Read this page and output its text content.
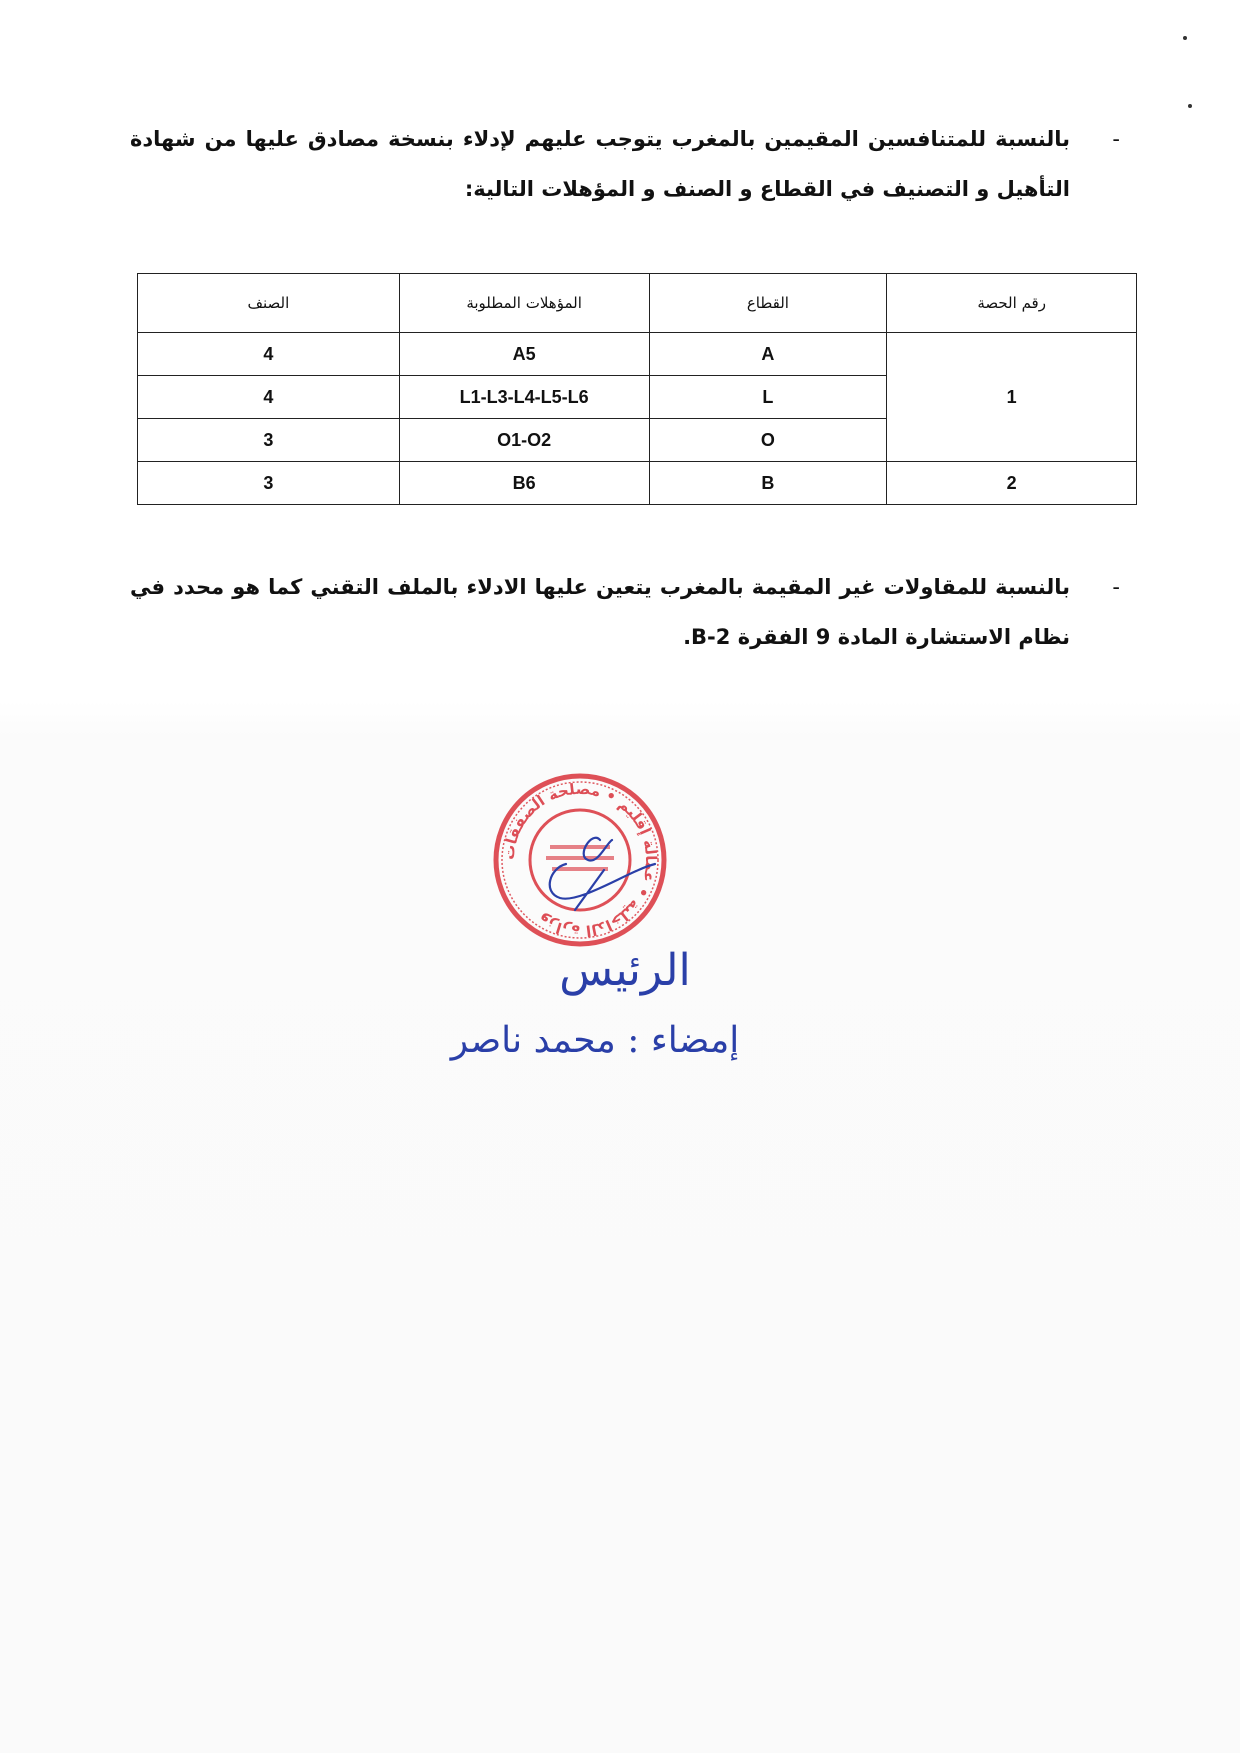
-

بالنسبة للمتنافسين المقيمين بالمغرب يتوجب عليهم لإدلاء بنسخة مصادق عليها من شهادة التأهيل و التصنيف في القطاع و الصنف و المؤهلات التالية:

رقم الحصة	القطاع	المؤهلات المطلوبة	الصنف
1	A	A5	4
	L	L1-L3-L4-L5-L6	4
	O	O1-O2	3
2	B	B6	3
-

بالنسبة للمقاولات غير المقيمة بالمغرب يتعين عليها الادلاء بالملف التقني كما هو محدد في نظام الاستشارة المادة 9 الفقرة B-2.

وزارة الداخلية • عمالة إقليم • مصلحة الصفقات
الرئيس
إمضاء : محمد ناصر
